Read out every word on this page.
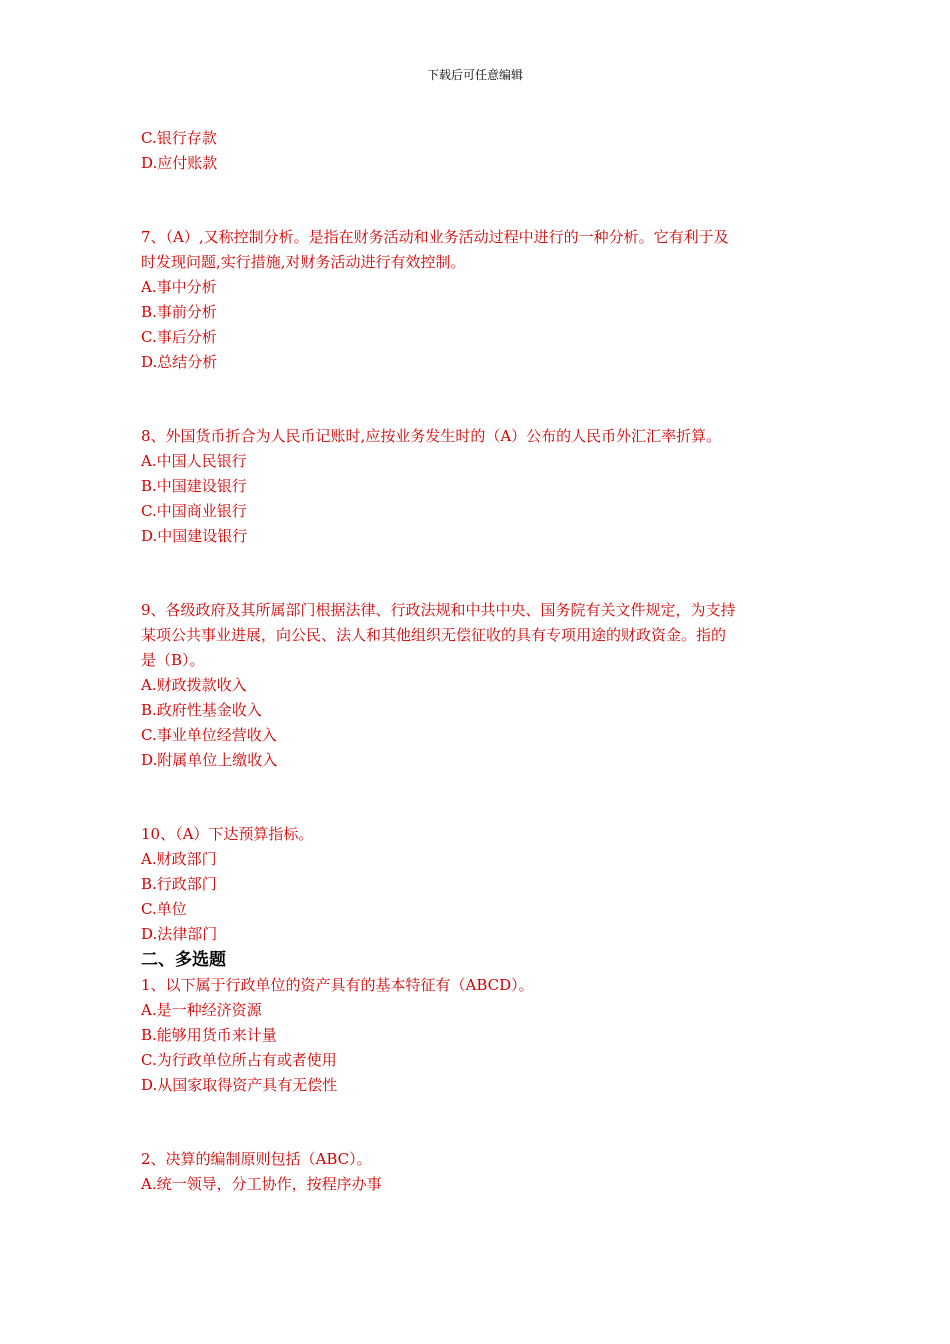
下载后可任意编辑
C.银行存款
D.应付账款
7、（A）,又称控制分析。是指在财务活动和业务活动过程中进行的一种分析。它有利于及
时发现问题,实行措施,对财务活动进行有效控制。
A.事中分析
B.事前分析
C.事后分析
D.总结分析
8、外国货币折合为人民币记账时,应按业务发生时的（A）公布的人民币外汇汇率折算。
A.中国人民银行
B.中国建设银行
C.中国商业银行
D.中国建设银行
9、各级政府及其所属部门根据法律、行政法规和中共中央、国务院有关文件规定，为支持
某项公共事业进展，向公民、法人和其他组织无偿征收的具有专项用途的财政资金。指的
是（B）。
A.财政拨款收入
B.政府性基金收入
C.事业单位经营收入
D.附属单位上缴收入
10、（A）下达预算指标。
A.财政部门
B.行政部门
C.单位
D.法律部门
二、多选题
1、以下属于行政单位的资产具有的基本特征有（ABCD）。
A.是一种经济资源
B.能够用货币来计量
C.为行政单位所占有或者使用
D.从国家取得资产具有无偿性
2、决算的编制原则包括（ABC）。
A.统一领导，分工协作，按程序办事
